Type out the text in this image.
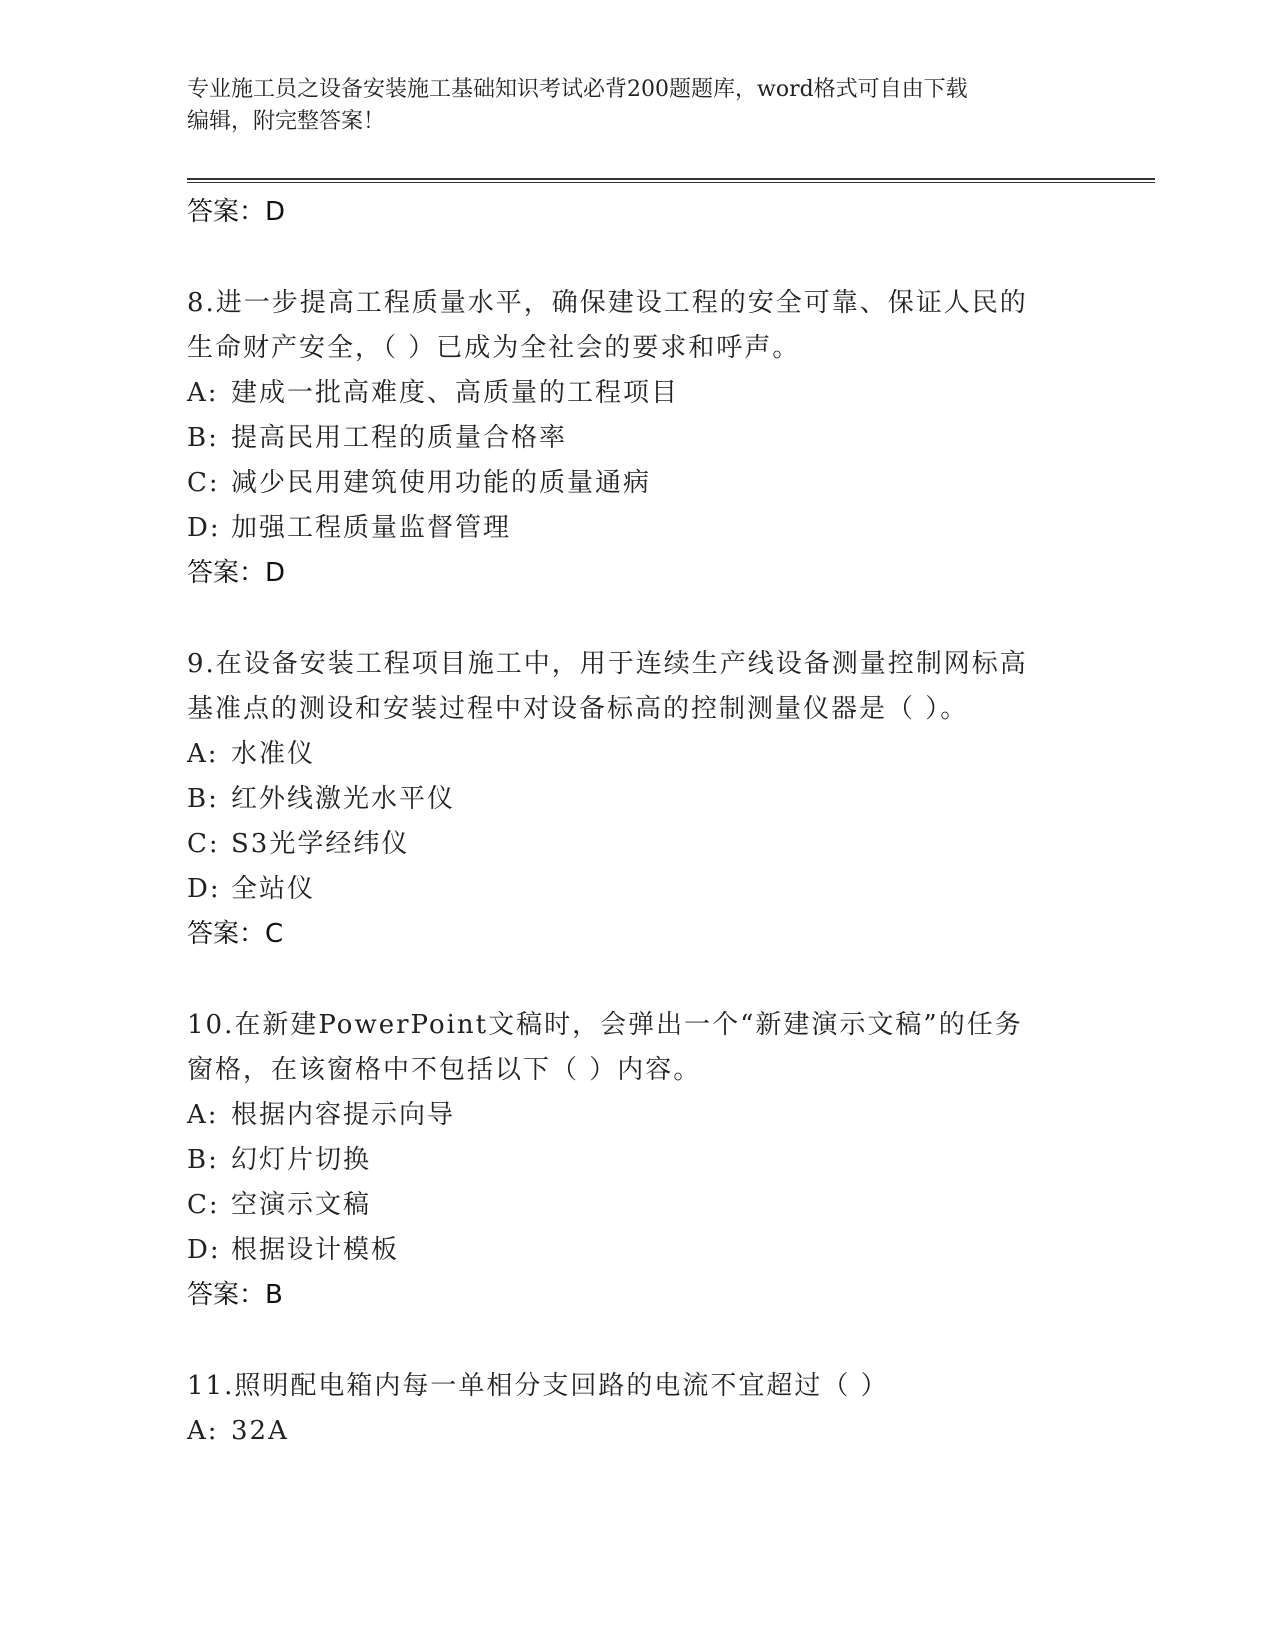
专业施工员之设备安装施工基础知识考试必背200题题库，word格式可自由下载
编辑，附完整答案！
答案：D
8.进一步提高工程质量水平，确保建设工程的安全可靠、保证人民的
生命财产安全，（ ）已成为全社会的要求和呼声。
A: 建成一批高难度、高质量的工程项目
B: 提高民用工程的质量合格率
C: 减少民用建筑使用功能的质量通病
D: 加强工程质量监督管理
答案：D
9.在设备安装工程项目施工中，用于连续生产线设备测量控制网标高
基准点的测设和安装过程中对设备标高的控制测量仪器是（ ）。
A: 水准仪
B: 红外线激光水平仪
C: S3光学经纬仪
D: 全站仪
答案：C
10.在新建PowerPoint文稿时，会弹出一个“新建演示文稿”的任务
窗格，在该窗格中不包括以下（ ）内容。
A: 根据内容提示向导
B: 幻灯片切换
C: 空演示文稿
D: 根据设计模板
答案：B
11.照明配电箱内每一单相分支回路的电流不宜超过（ ）
A: 32A
